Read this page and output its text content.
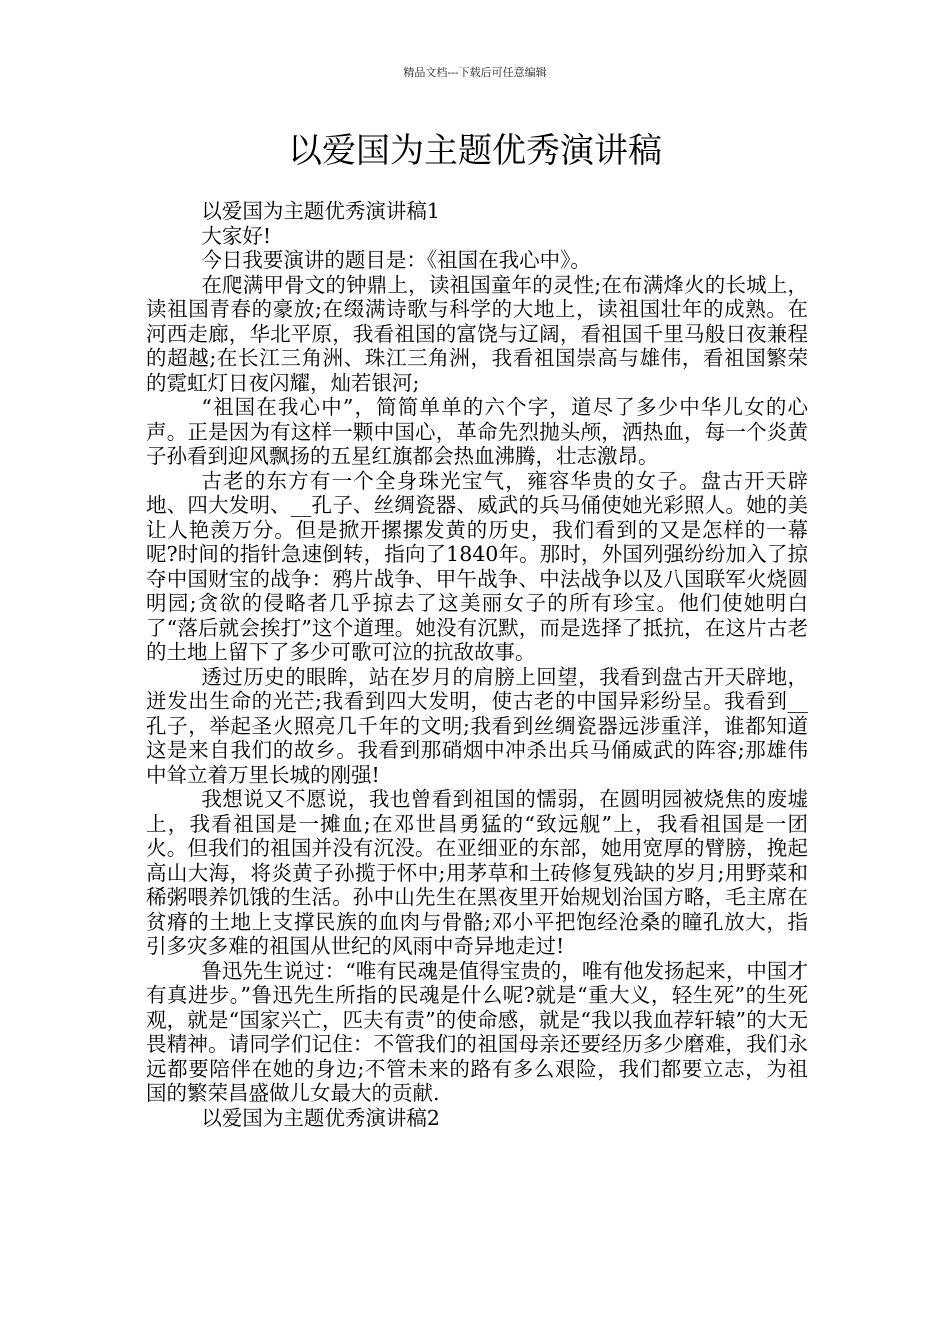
精品文档---下载后可任意编辑
以爱国为主题优秀演讲稿

以爱国为主题优秀演讲稿1

大家好!

今日我要演讲的题目是：《祖国在我心中》。

在爬满甲骨文的钟鼎上，读祖国童年的灵性;在布满烽火的长城上，读祖国青春的豪放;在缀满诗歌与科学的大地上，读祖国壮年的成熟。在河西走廊，华北平原，我看祖国的富饶与辽阔，看祖国千里马般日夜兼程的超越;在长江三角洲、珠江三角洲，我看祖国崇高与雄伟，看祖国繁荣的霓虹灯日夜闪耀，灿若银河;

“祖国在我心中”，简简单单的六个字，道尽了多少中华儿女的心声。正是因为有这样一颗中国心，革命先烈抛头颅，洒热血，每一个炎黄子孙看到迎风飘扬的五星红旗都会热血沸腾，壮志激昂。

古老的东方有一个全身珠光宝气，雍容华贵的女子。盘古开天辟地、四大发明、__孔子、丝绸瓷器、威武的兵马俑使她光彩照人。她的美让人艳羡万分。但是掀开摞摞发黄的历史，我们看到的又是怎样的一幕呢?时间的指针急速倒转，指向了1840年。那时，外国列强纷纷加入了掠夺中国财宝的战争：鸦片战争、甲午战争、中法战争以及八国联军火烧圆明园;贪欲的侵略者几乎掠去了这美丽女子的所有珍宝。他们使她明白了“落后就会挨打”这个道理。她没有沉默，而是选择了抵抗，在这片古老的土地上留下了多少可歌可泣的抗敌故事。

透过历史的眼眸，站在岁月的肩膀上回望，我看到盘古开天辟地，迸发出生命的光芒;我看到四大发明，使古老的中国异彩纷呈。我看到__孔子，举起圣火照亮几千年的文明;我看到丝绸瓷器远涉重洋，谁都知道这是来自我们的故乡。我看到那硝烟中冲杀出兵马俑威武的阵容;那雄伟中耸立着万里长城的刚强!

我想说又不愿说，我也曾看到祖国的懦弱，在圆明园被烧焦的废墟上，我看祖国是一摊血;在邓世昌勇猛的“致远舰”上，我看祖国是一团火。但我们的祖国并没有沉没。在亚细亚的东部，她用宽厚的臂膀，挽起高山大海，将炎黄子孙揽于怀中;用茅草和土砖修复残缺的岁月;用野菜和稀粥喂养饥饿的生活。孙中山先生在黑夜里开始规划治国方略，毛主席在贫瘠的土地上支撑民族的血肉与骨骼;邓小平把饱经沧桑的瞳孔放大，指引多灾多难的祖国从世纪的风雨中奇异地走过!

鲁迅先生说过：“唯有民魂是值得宝贵的，唯有他发扬起来，中国才有真进步。”鲁迅先生所指的民魂是什么呢?就是“重大义，轻生死”的生死观，就是“国家兴亡，匹夫有责”的使命感，就是“我以我血荐轩辕”的大无畏精神。请同学们记住：不管我们的祖国母亲还要经历多少磨难，我们永远都要陪伴在她的身边;不管未来的路有多么艰险，我们都要立志，为祖国的繁荣昌盛做儿女最大的贡献.

以爱国为主题优秀演讲稿2
